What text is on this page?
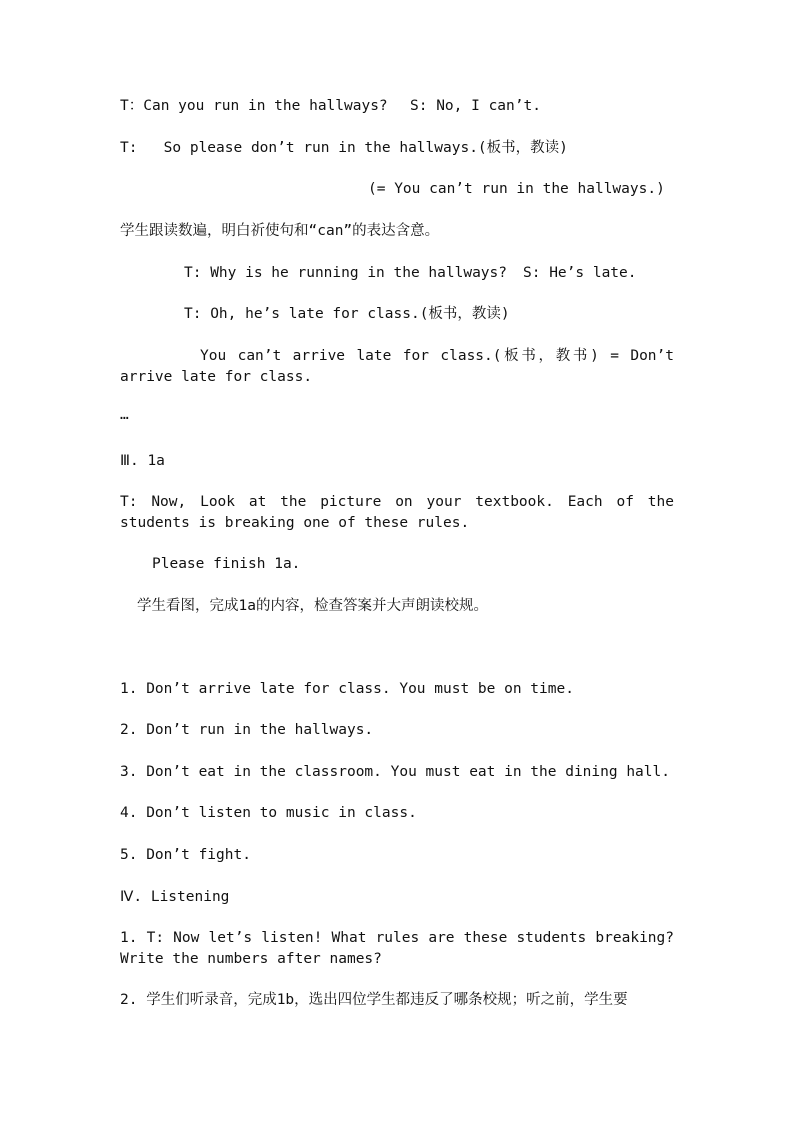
T：Can you run in the hallways? S: No, I can’t.
T:   So please don’t run in the hallways.(板书，教读)
(= You can’t run in the hallways.)
学生跟读数遍，明白祈使句和“can”的表达含意。
T: Why is he running in the hallways? S: He’s late.
T: Oh, he’s late for class.(板书，教读)
You can’t arrive late for class.(板书，教书) = Don’t arrive late for class.
…
Ⅲ. 1a
T: Now, Look at the picture on your textbook. Each of the students is breaking one of these rules.
Please finish 1a.
学生看图，完成1a的内容，检查答案并大声朗读校规。
1. Don’t arrive late for class. You must be on time.
2. Don’t run in the hallways.
3. Don’t eat in the classroom. You must eat in the dining hall.
4. Don’t listen to music in class.
5. Don’t fight.
Ⅳ. Listening
1. T: Now let’s listen! What rules are these students breaking? Write the numbers after names?
2. 学生们听录音，完成1b，选出四位学生都违反了哪条校规；听之前，学生要
